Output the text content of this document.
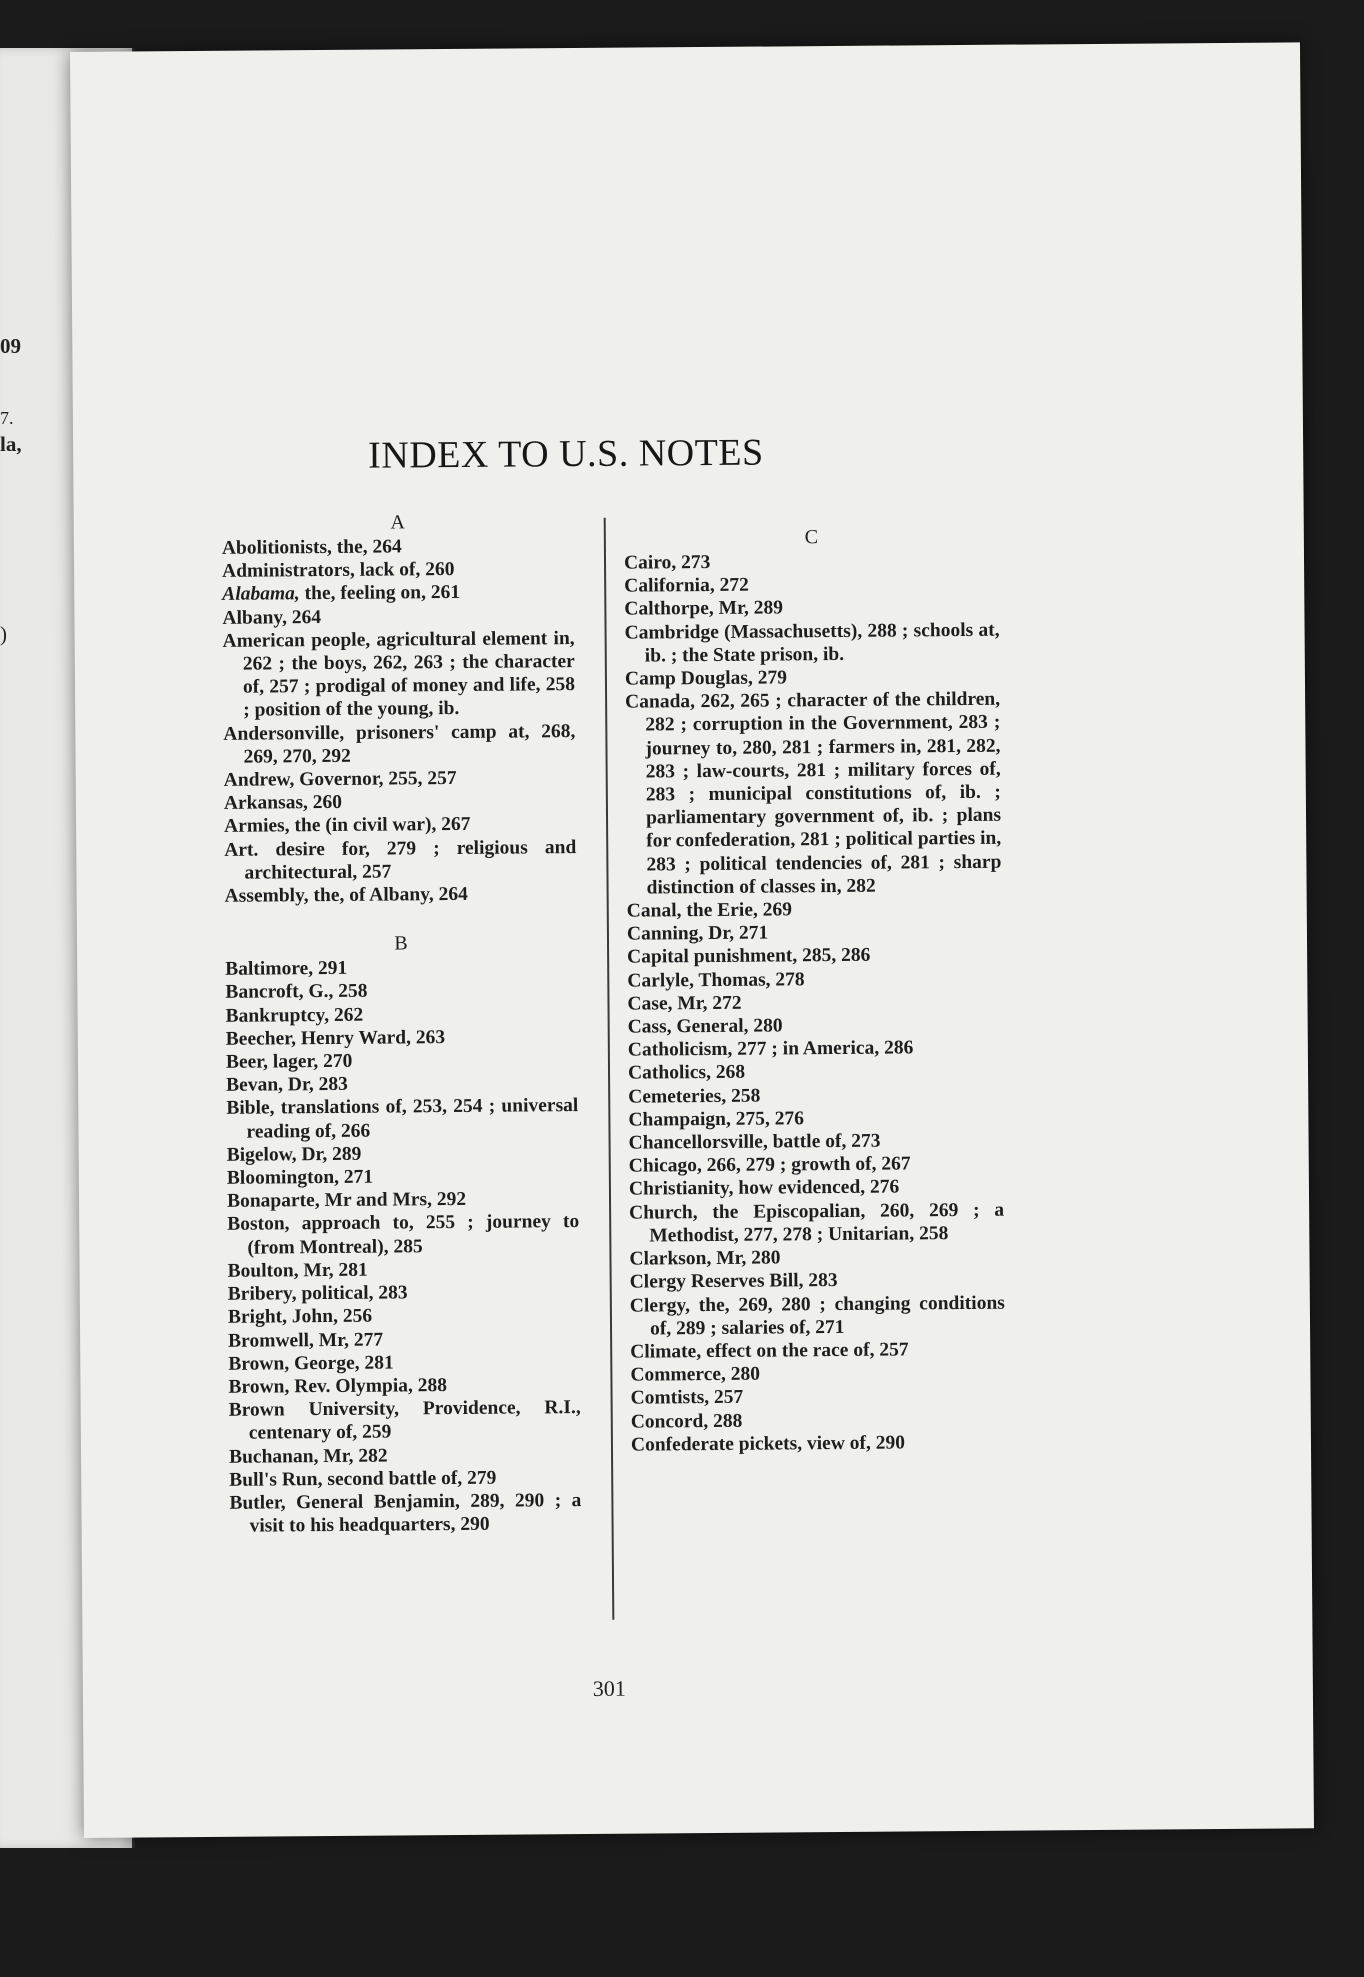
09
7.
la,
)
INDEX TO U.S. NOTES
A

Abolitionists, the, 264

Administrators, lack of, 260

Alabama, the, feeling on, 261

Albany, 264

American people, agricultural element in, 262 ; the boys, 262, 263 ; the character of, 257 ; prodigal of money and life, 258 ; position of the young, ib.

Andersonville, prisoners' camp at, 268, 269, 270, 292

Andrew, Governor, 255, 257

Arkansas, 260

Armies, the (in civil war), 267

Art. desire for, 279 ; religious and architectural, 257

Assembly, the, of Albany, 264

B

Baltimore, 291

Bancroft, G., 258

Bankruptcy, 262

Beecher, Henry Ward, 263

Beer, lager, 270

Bevan, Dr, 283

Bible, translations of, 253, 254 ; universal reading of, 266

Bigelow, Dr, 289

Bloomington, 271

Bonaparte, Mr and Mrs, 292

Boston, approach to, 255 ; journey to (from Montreal), 285

Boulton, Mr, 281

Bribery, political, 283

Bright, John, 256

Bromwell, Mr, 277

Brown, George, 281

Brown, Rev. Olympia, 288

Brown University, Providence, R.I., centenary of, 259

Buchanan, Mr, 282

Bull's Run, second battle of, 279

Butler, General Benjamin, 289, 290 ; a visit to his headquarters, 290

C

Cairo, 273

California, 272

Calthorpe, Mr, 289

Cambridge (Massachusetts), 288 ; schools at, ib. ; the State prison, ib.

Camp Douglas, 279

Canada, 262, 265 ; character of the children, 282 ; corruption in the Government, 283 ; journey to, 280, 281 ; farmers in, 281, 282, 283 ; law-courts, 281 ; military forces of, 283 ; municipal constitutions of, ib. ; parliamentary government of, ib. ; plans for confederation, 281 ; political parties in, 283 ; political tendencies of, 281 ; sharp distinction of classes in, 282

Canal, the Erie, 269

Canning, Dr, 271

Capital punishment, 285, 286

Carlyle, Thomas, 278

Case, Mr, 272

Cass, General, 280

Catholicism, 277 ; in America, 286

Catholics, 268

Cemeteries, 258

Champaign, 275, 276

Chancellorsville, battle of, 273

Chicago, 266, 279 ; growth of, 267

Christianity, how evidenced, 276

Church, the Episcopalian, 260, 269 ; a Methodist, 277, 278 ; Unitarian, 258

Clarkson, Mr, 280

Clergy Reserves Bill, 283

Clergy, the, 269, 280 ; changing conditions of, 289 ; salaries of, 271

Climate, effect on the race of, 257

Commerce, 280

Comtists, 257

Concord, 288

Confederate pickets, view of, 290

301
